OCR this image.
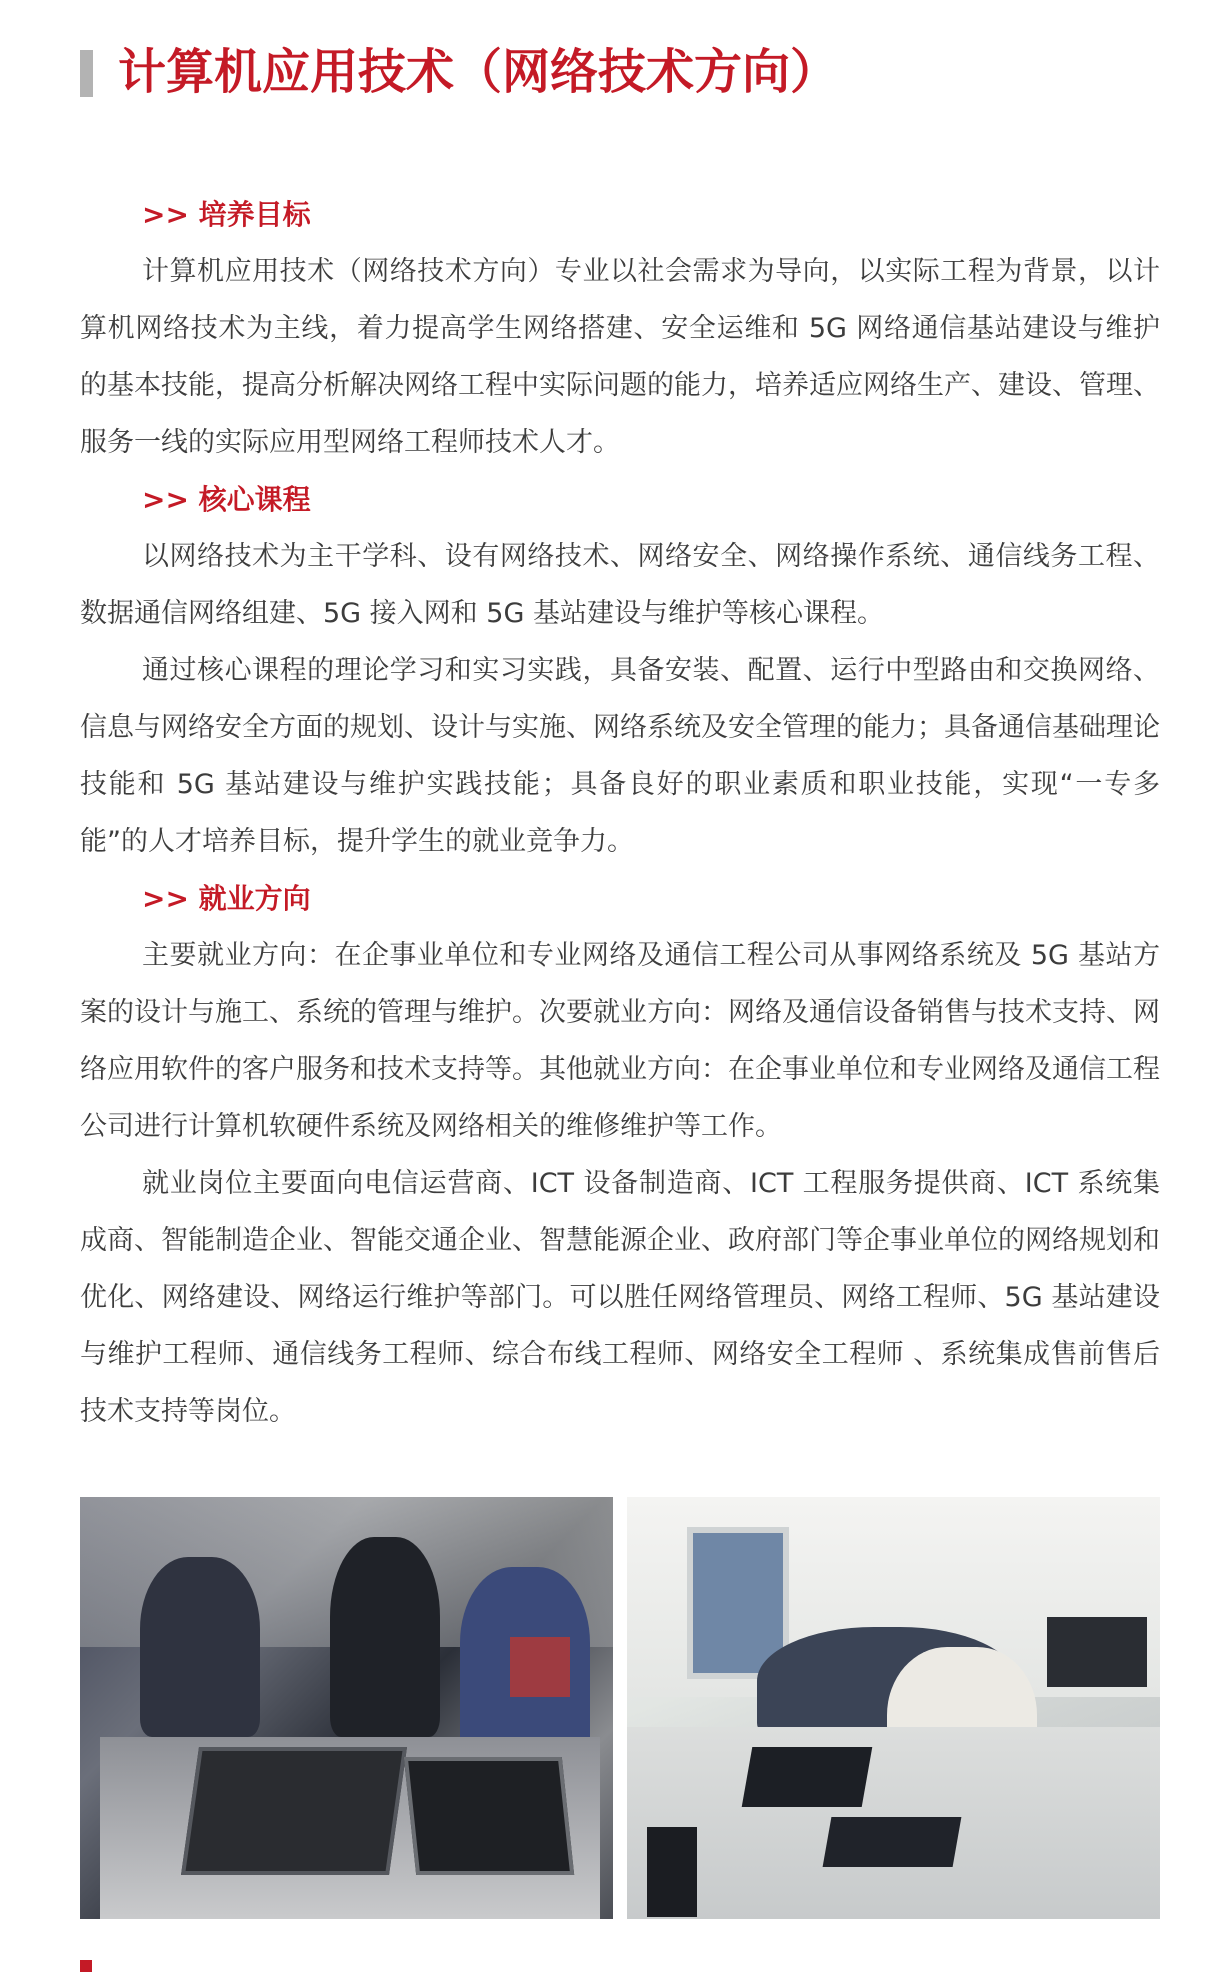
计算机应用技术（网络技术方向）
>> 培养目标

计算机应用技术（网络技术方向）专业以社会需求为导向，以实际工程为背景，以计算机网络技术为主线，着力提高学生网络搭建、安全运维和 5G 网络通信基站建设与维护的基本技能，提高分析解决网络工程中实际问题的能力，培养适应网络生产、建设、管理、服务一线的实际应用型网络工程师技术人才。

>> 核心课程

以网络技术为主干学科、设有网络技术、网络安全、网络操作系统、通信线务工程、数据通信网络组建、5G 接入网和 5G 基站建设与维护等核心课程。

通过核心课程的理论学习和实习实践，具备安装、配置、运行中型路由和交换网络、信息与网络安全方面的规划、设计与实施、网络系统及安全管理的能力；具备通信基础理论技能和 5G 基站建设与维护实践技能；具备良好的职业素质和职业技能，实现“一专多能”的人才培养目标，提升学生的就业竞争力。

>> 就业方向

主要就业方向：在企事业单位和专业网络及通信工程公司从事网络系统及 5G 基站方案的设计与施工、系统的管理与维护。次要就业方向：网络及通信设备销售与技术支持、网络应用软件的客户服务和技术支持等。其他就业方向：在企事业单位和专业网络及通信工程公司进行计算机软硬件系统及网络相关的维修维护等工作。

就业岗位主要面向电信运营商、ICT 设备制造商、ICT 工程服务提供商、ICT 系统集成商、智能制造企业、智能交通企业、智慧能源企业、政府部门等企事业单位的网络规划和优化、网络建设、网络运行维护等部门。可以胜任网络管理员、网络工程师、5G 基站建设与维护工程师、通信线务工程师、综合布线工程师、网络安全工程师 、系统集成售前售后技术支持等岗位。
